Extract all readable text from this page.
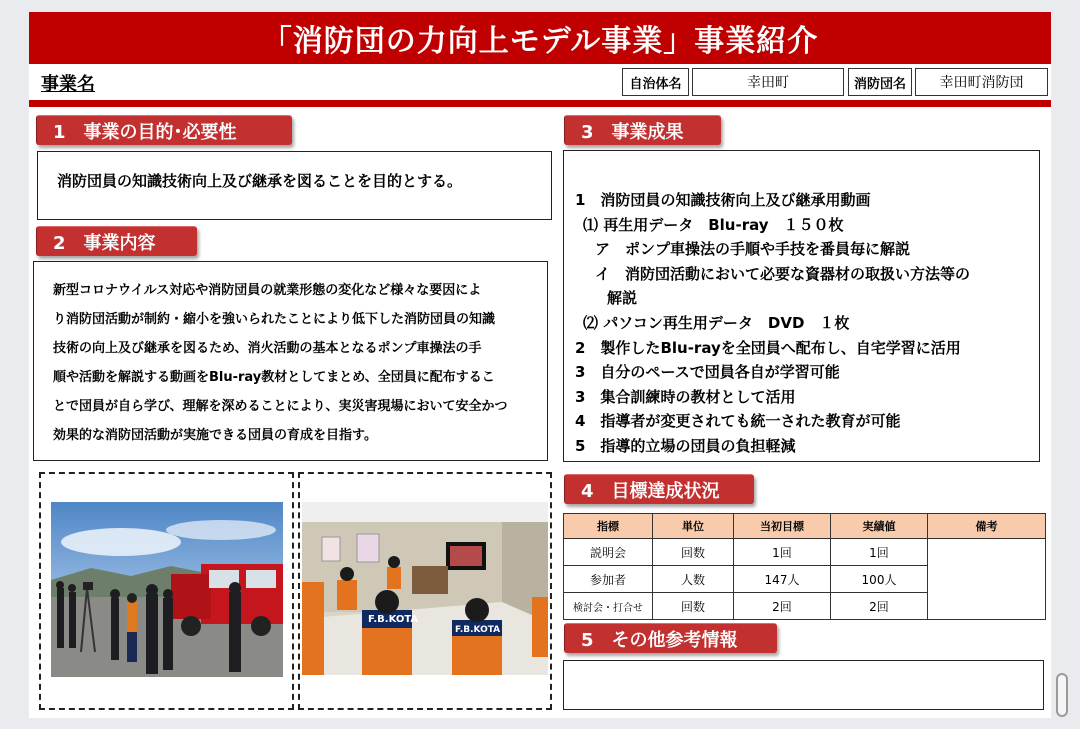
「消防団の力向上モデル事業」事業紹介
事業名	自治体名	幸田町	消防団名	幸田町消防団
1　事業の目的･必要性
消防団員の知識技術向上及び継承を図ることを目的とする。
2　事業内容
新型コロナウイルス対応や消防団員の就業形態の変化など様々な要因によ
り消防団活動が制約・縮小を強いられたことにより低下した消防団員の知識
技術の向上及び継承を図るため、消火活動の基本となるポンプ車操法の手
順や活動を解説する動画をBlu-ray教材としてまとめ、全団員に配布するこ
とで団員が自ら学び、理解を深めることにより、実災害現場において安全かつ
効果的な消防団活動が実施できる団員の育成を目指す。
F.B.KOTA
F.B.KOTA
3　事業成果
1　消防団員の知識技術向上及び継承用動画
⑴ 再生用データ　Blu-ray　１５０枚
ア　ポンプ車操法の手順や手技を番員毎に解説
イ　消防団活動において必要な資器材の取扱い方法等の
解説
⑵ パソコン再生用データ　DVD　１枚
2　製作したBlu-rayを全団員へ配布し、自宅学習に活用
3　自分のペースで団員各自が学習可能
3　集合訓練時の教材として活用
4　指導者が変更されても統一された教育が可能
5　指導的立場の団員の負担軽減
4　目標達成状況
指標	単位	当初目標	実績値	備考
説明会	回数	1回	1回	
参加者	人数	147人	100人	
検討会・打合せ	回数	2回	2回	
5　その他参考情報
